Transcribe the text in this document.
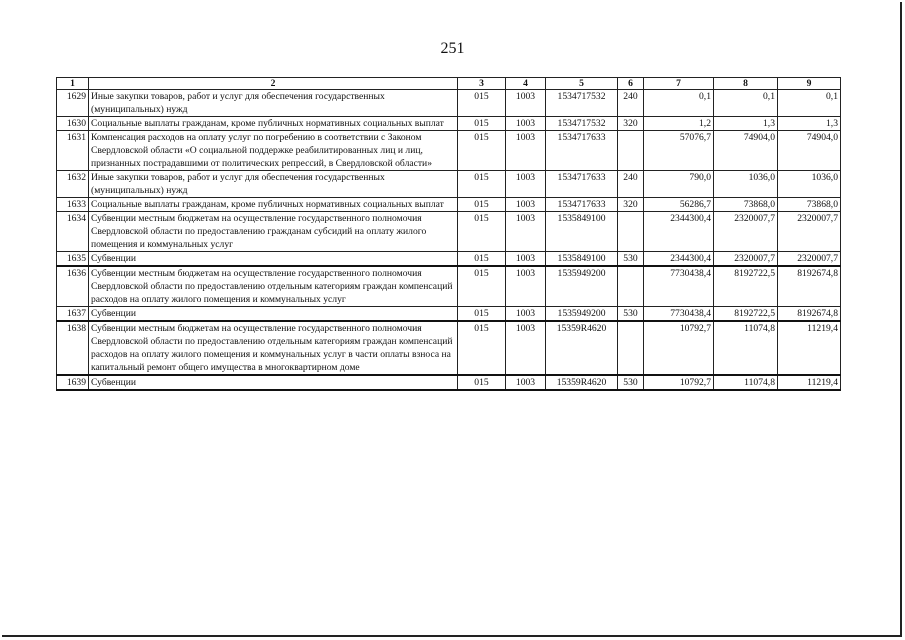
251
1	2	3	4	5	6	7	8	9
1629	Иные закупки товаров, работ и услуг для обеспечения государственных (муниципальных) нужд	015	1003	1534717532	240	0,1	0,1	0,1
1630	Социальные выплаты гражданам, кроме публичных нормативных социальных выплат	015	1003	1534717532	320	1,2	1,3	1,3
1631	Компенсация расходов на оплату услуг по погребению в соответствии с Законом Свердловской области «О социальной поддержке реабилитированных лиц и лиц, признанных пострадавшими от политических репрессий, в Свердловской области»	015	1003	1534717633		57076,7	74904,0	74904,0
1632	Иные закупки товаров, работ и услуг для обеспечения государственных (муниципальных) нужд	015	1003	1534717633	240	790,0	1036,0	1036,0
1633	Социальные выплаты гражданам, кроме публичных нормативных социальных выплат	015	1003	1534717633	320	56286,7	73868,0	73868,0
1634	Субвенции местным бюджетам на осуществление государственного полномочия Свердловской области по предоставлению гражданам субсидий на оплату жилого помещения и коммунальных услуг	015	1003	1535849100		2344300,4	2320007,7	2320007,7
1635	Субвенции	015	1003	1535849100	530	2344300,4	2320007,7	2320007,7
1636	Субвенции местным бюджетам на осуществление государственного полномочия Свердловской области по предоставлению отдельным категориям граждан компенсаций расходов на оплату жилого помещения и коммунальных услуг	015	1003	1535949200		7730438,4	8192722,5	8192674,8
1637	Субвенции	015	1003	1535949200	530	7730438,4	8192722,5	8192674,8
1638	Субвенции местным бюджетам на осуществление государственного полномочия Свердловской области по предоставлению отдельным категориям граждан компенсаций расходов на оплату жилого помещения и коммунальных услуг в части оплаты взноса на капитальный ремонт общего имущества в многоквартирном доме	015	1003	15359R4620		10792,7	11074,8	11219,4
1639	Субвенции	015	1003	15359R4620	530	10792,7	11074,8	11219,4
